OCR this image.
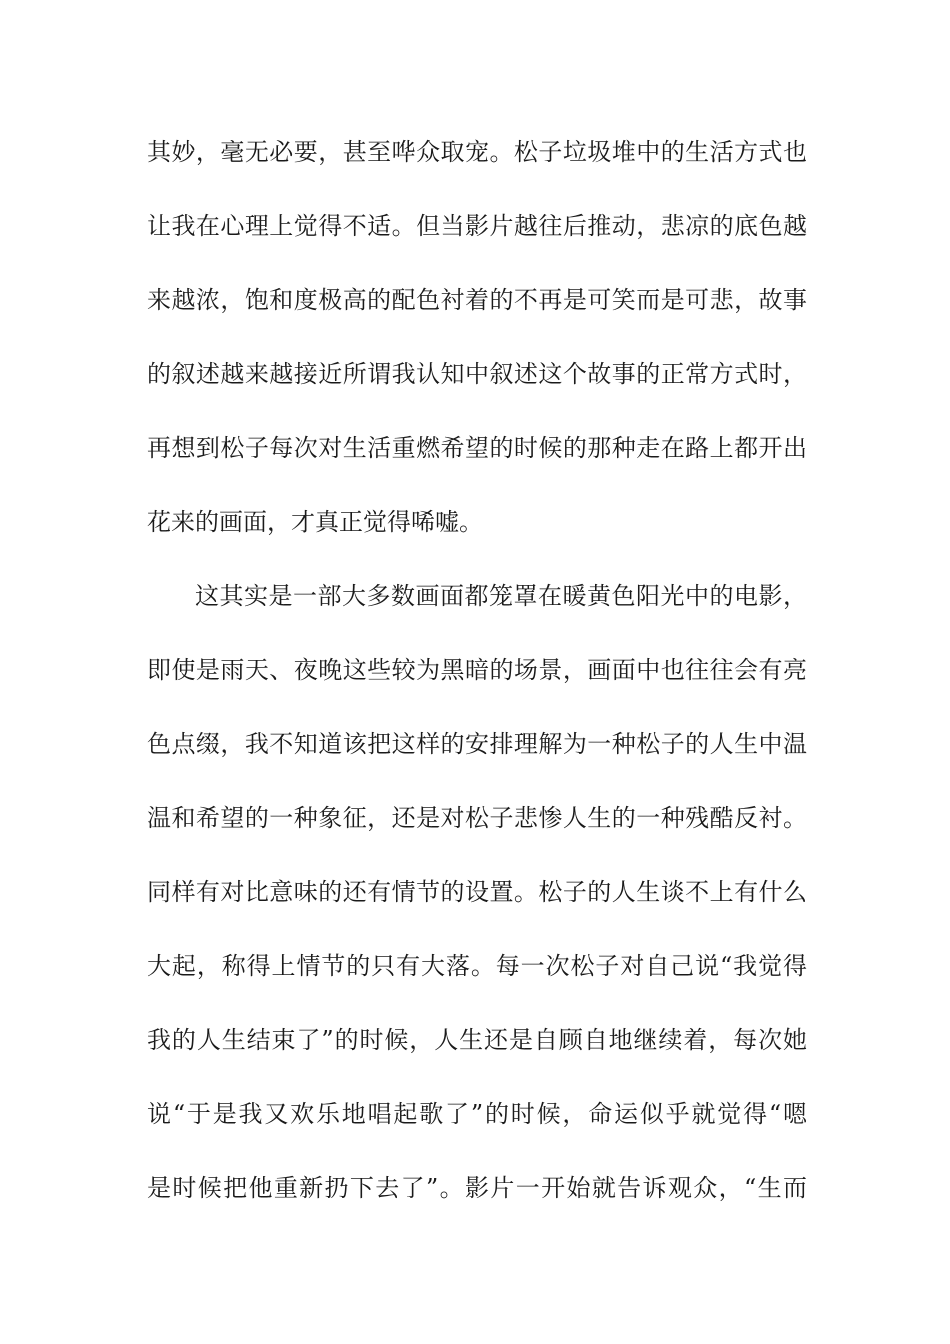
其妙，毫无必要，甚至哗众取宠。松子垃圾堆中的生活方式也
让我在心理上觉得不适。但当影片越往后推动，悲凉的底色越
来越浓，饱和度极高的配色衬着的不再是可笑而是可悲，故事
的叙述越来越接近所谓我认知中叙述这个故事的正常方式时，
再想到松子每次对生活重燃希望的时候的那种走在路上都开出
花来的画面，才真正觉得唏嘘。
这其实是一部大多数画面都笼罩在暖黄色阳光中的电影，
即使是雨天、夜晚这些较为黑暗的场景，画面中也往往会有亮
色点缀，我不知道该把这样的安排理解为一种松子的人生中温
温和希望的一种象征，还是对松子悲惨人生的一种残酷反衬。
同样有对比意味的还有情节的设置。松子的人生谈不上有什么
大起，称得上情节的只有大落。每一次松子对自己说“我觉得
我的人生结束了”的时候，人生还是自顾自地继续着，每次她
说“于是我又欢乐地唱起歌了”的时候，命运似乎就觉得“嗯
是时候把他重新扔下去了”。影片一开始就告诉观众，“生而
